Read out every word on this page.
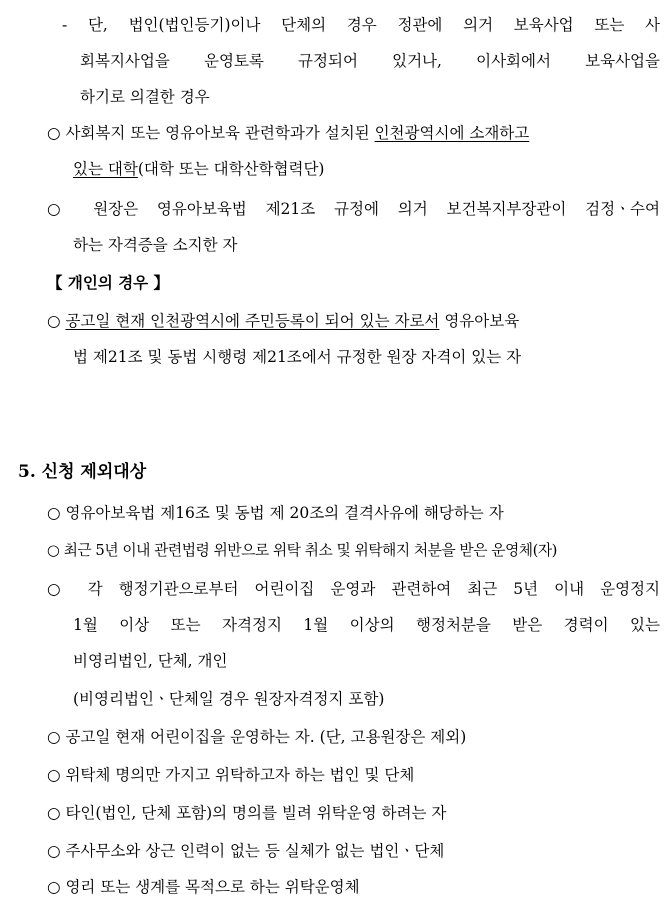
- 단, 법인(법인등기)이나 단체의 경우 정관에 의거 보육사업 또는 사
회복지사업을 운영토록 규정되어 있거나, 이사회에서 보육사업을
하기로 의결한 경우
○ 사회복지 또는 영유아보육 관련학과가 설치된 인천광역시에 소재하고
있는 대학(대학 또는 대학산학협력단)
○ 원장은 영유아보육법 제21조 규정에 의거 보건복지부장관이 검정ㆍ수여
하는 자격증을 소지한 자
【 개인의 경우 】
○ 공고일 현재 인천광역시에 주민등록이 되어 있는 자로서 영유아보육
법 제21조 및 동법 시행령 제21조에서 규정한 원장 자격이 있는 자
5. 신청 제외대상
○ 영유아보육법 제16조 및 동법 제 20조의 결격사유에 해당하는 자
○ 최근 5년 이내 관련법령 위반으로 위탁 취소 및 위탁해지 처분을 받은 운영체(자)
○ 각 행정기관으로부터 어린이집 운영과 관련하여 최근 5년 이내 운영정지
1월 이상 또는 자격정지 1월 이상의 행정처분을 받은 경력이 있는
비영리법인, 단체, 개인
(비영리법인ㆍ단체일 경우 원장자격정지 포함)
○ 공고일 현재 어린이집을 운영하는 자. (단, 고용원장은 제외)
○ 위탁체 명의만 가지고 위탁하고자 하는 법인 및 단체
○ 타인(법인, 단체 포함)의 명의를 빌려 위탁운영 하려는 자
○ 주사무소와 상근 인력이 없는 등 실체가 없는 법인ㆍ단체
○ 영리 또는 생계를 목적으로 하는 위탁운영체
